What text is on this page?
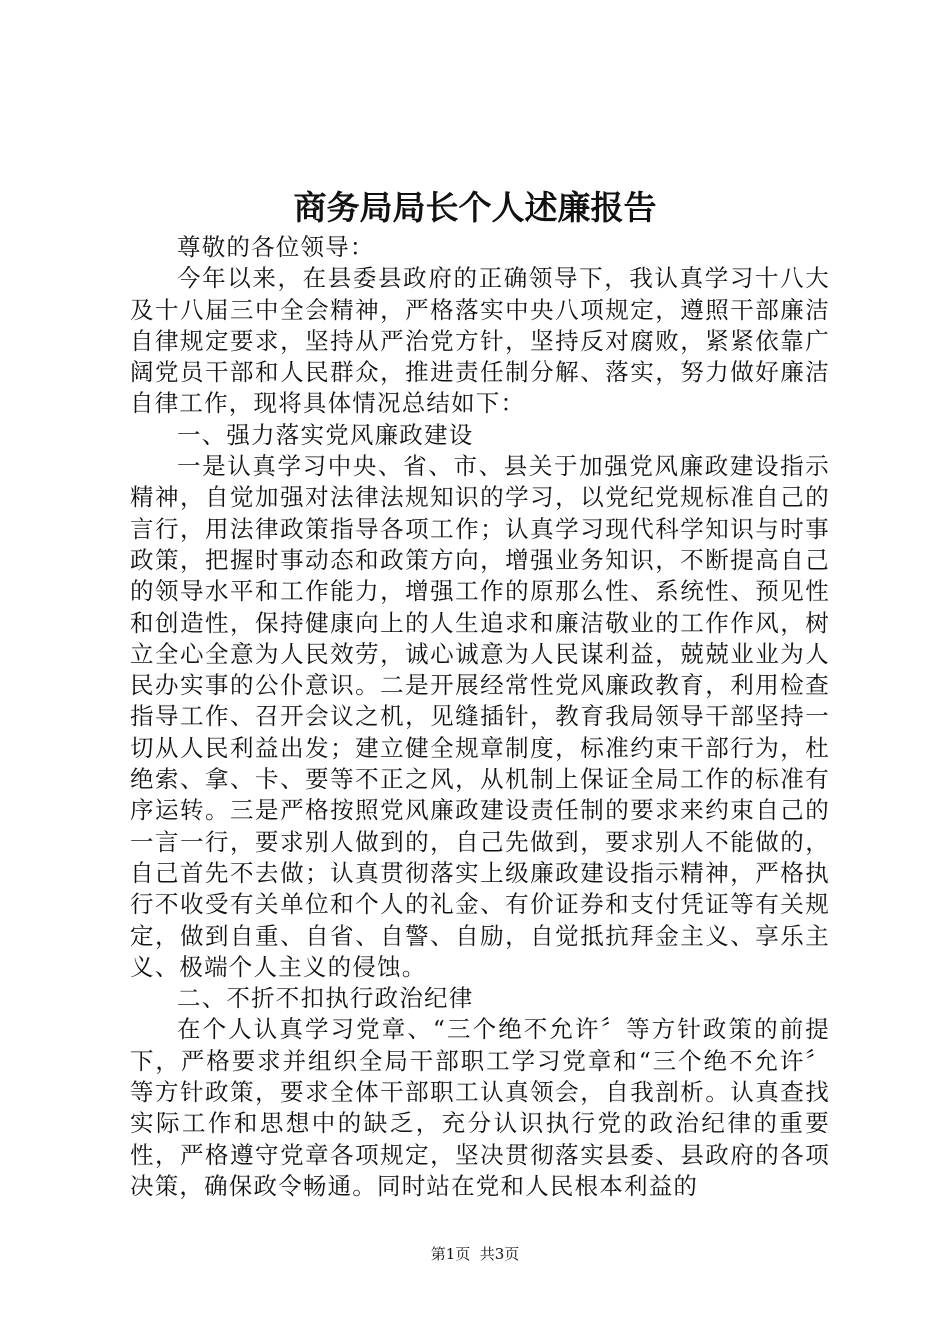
商务局局长个人述廉报告

尊敬的各位领导：

今年以来，在县委县政府的正确领导下，我认真学习十八大及十八届三中全会精神，严格落实中央八项规定，遵照干部廉洁自律规定要求，坚持从严治党方针，坚持反对腐败，紧紧依靠广阔党员干部和人民群众，推进责任制分解、落实，努力做好廉洁自律工作，现将具体情况总结如下：

一、强力落实党风廉政建设

一是认真学习中央、省、市、县关于加强党风廉政建设指示精神，自觉加强对法律法规知识的学习，以党纪党规标准自己的言行，用法律政策指导各项工作；认真学习现代科学知识与时事政策，把握时事动态和政策方向，增强业务知识，不断提高自己的领导水平和工作能力，增强工作的原那么性、系统性、预见性和创造性，保持健康向上的人生追求和廉洁敬业的工作作风，树立全心全意为人民效劳，诚心诚意为人民谋利益，兢兢业业为人民办实事的公仆意识。二是开展经常性党风廉政教育，利用检查指导工作、召开会议之机，见缝插针，教育我局领导干部坚持一切从人民利益出发；建立健全规章制度，标准约束干部行为，杜绝索、拿、卡、要等不正之风，从机制上保证全局工作的标准有序运转。三是严格按照党风廉政建设责任制的要求来约束自己的一言一行，要求别人做到的，自己先做到，要求别人不能做的，自己首先不去做；认真贯彻落实上级廉政建设指示精神，严格执行不收受有关单位和个人的礼金、有价证券和支付凭证等有关规定，做到自重、自省、自警、自励，自觉抵抗拜金主义、享乐主义、极端个人主义的侵蚀。

二、不折不扣执行政治纪律

在个人认真学习党章、“三个绝不允许〞等方针政策的前提下，严格要求并组织全局干部职工学习党章和“三个绝不允许〞等方针政策，要求全体干部职工认真领会，自我剖析。认真查找实际工作和思想中的缺乏，充分认识执行党的政治纪律的重要性，严格遵守党章各项规定，坚决贯彻落实县委、县政府的各项决策，确保政令畅通。同时站在党和人民根本利益的

第1页  共3页
